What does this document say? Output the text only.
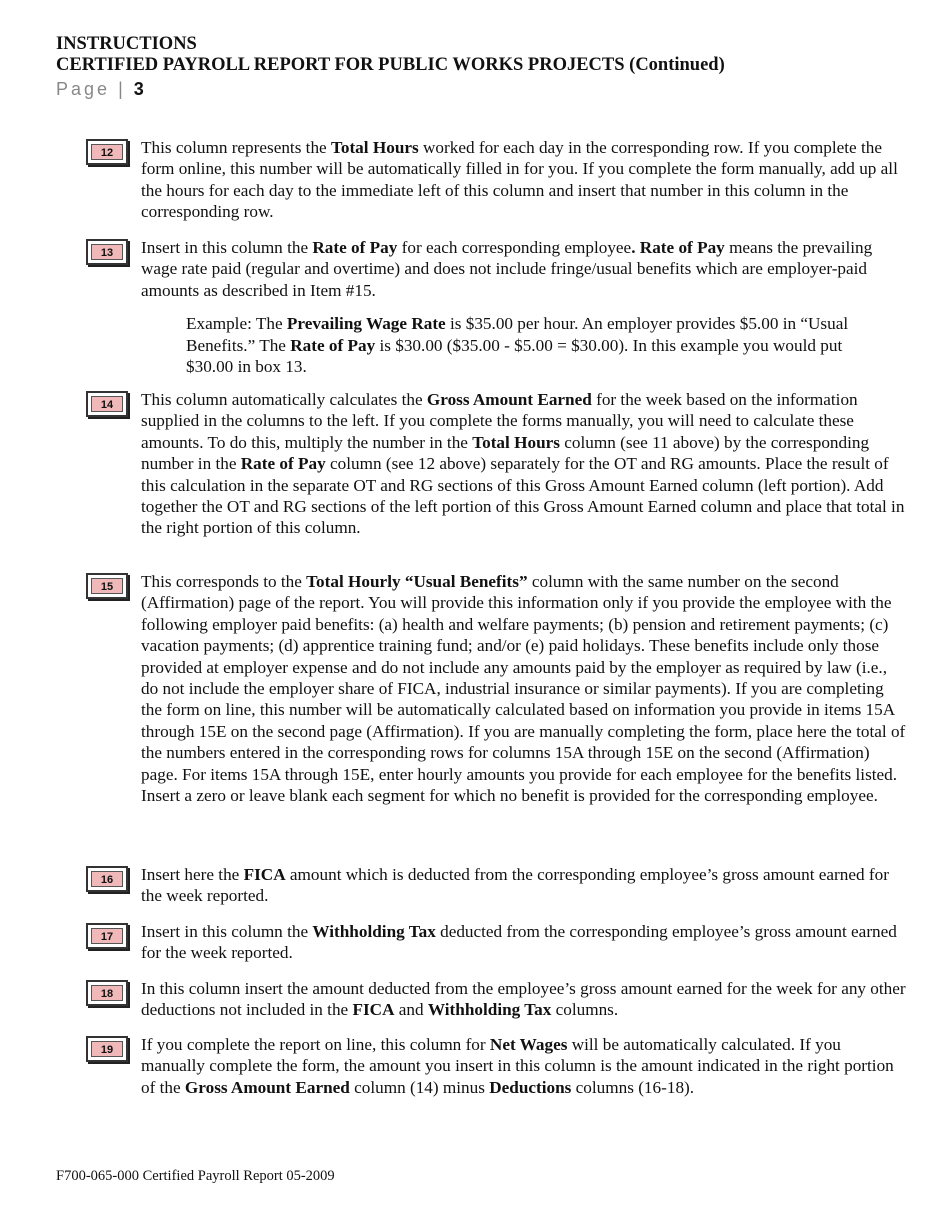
INSTRUCTIONS
CERTIFIED PAYROLL REPORT FOR PUBLIC WORKS PROJECTS (Continued)
Page | 3
12	This column represents the Total Hours worked for each day in the corresponding row. If you complete the form online, this number will be automatically filled in for you. If you complete the form manually, add up all the hours for each day to the immediate left of this column and insert that number in this column in the corresponding row.
13	Insert in this column the Rate of Pay for each corresponding employee. Rate of Pay means the prevailing wage rate paid (regular and overtime) and does not include fringe/usual benefits which are employer-paid amounts as described in Item #15.
Example: The Prevailing Wage Rate is $35.00 per hour. An employer provides $5.00 in “Usual Benefits.” The Rate of Pay is $30.00 ($35.00 - $5.00 = $30.00). In this example you would put $30.00 in box 13.
14	This column automatically calculates the Gross Amount Earned for the week based on the information supplied in the columns to the left. If you complete the forms manually, you will need to calculate these amounts. To do this, multiply the number in the Total Hours column (see 11 above) by the corresponding number in the Rate of Pay column (see 12 above) separately for the OT and RG amounts. Place the result of this calculation in the separate OT and RG sections of this Gross Amount Earned column (left portion). Add together the OT and RG sections of the left portion of this Gross Amount Earned column and place that total in the right portion of this column.
15	This corresponds to the Total Hourly “Usual Benefits” column with the same number on the second (Affirmation) page of the report. You will provide this information only if you provide the employee with the following employer paid benefits: (a) health and welfare payments; (b) pension and retirement payments; (c) vacation payments; (d) apprentice training fund; and/or (e) paid holidays. These benefits include only those provided at employer expense and do not include any amounts paid by the employer as required by law (i.e., do not include the employer share of FICA, industrial insurance or similar payments). If you are completing the form on line, this number will be automatically calculated based on information you provide in items 15A through 15E on the second page (Affirmation). If you are manually completing the form, place here the total of the numbers entered in the corresponding rows for columns 15A through 15E on the second (Affirmation) page. For items 15A through 15E, enter hourly amounts you provide for each employee for the benefits listed. Insert a zero or leave blank each segment for which no benefit is provided for the corresponding employee.
16	Insert here the FICA amount which is deducted from the corresponding employee’s gross amount earned for the week reported.
17	Insert in this column the Withholding Tax deducted from the corresponding employee’s gross amount earned for the week reported.
18	In this column insert the amount deducted from the employee’s gross amount earned for the week for any other deductions not included in the FICA and Withholding Tax columns.
19	If you complete the report on line, this column for Net Wages will be automatically calculated. If you manually complete the form, the amount you insert in this column is the amount indicated in the right portion of the Gross Amount Earned column (14) minus Deductions columns (16-18).
F700-065-000 Certified Payroll Report 05-2009
